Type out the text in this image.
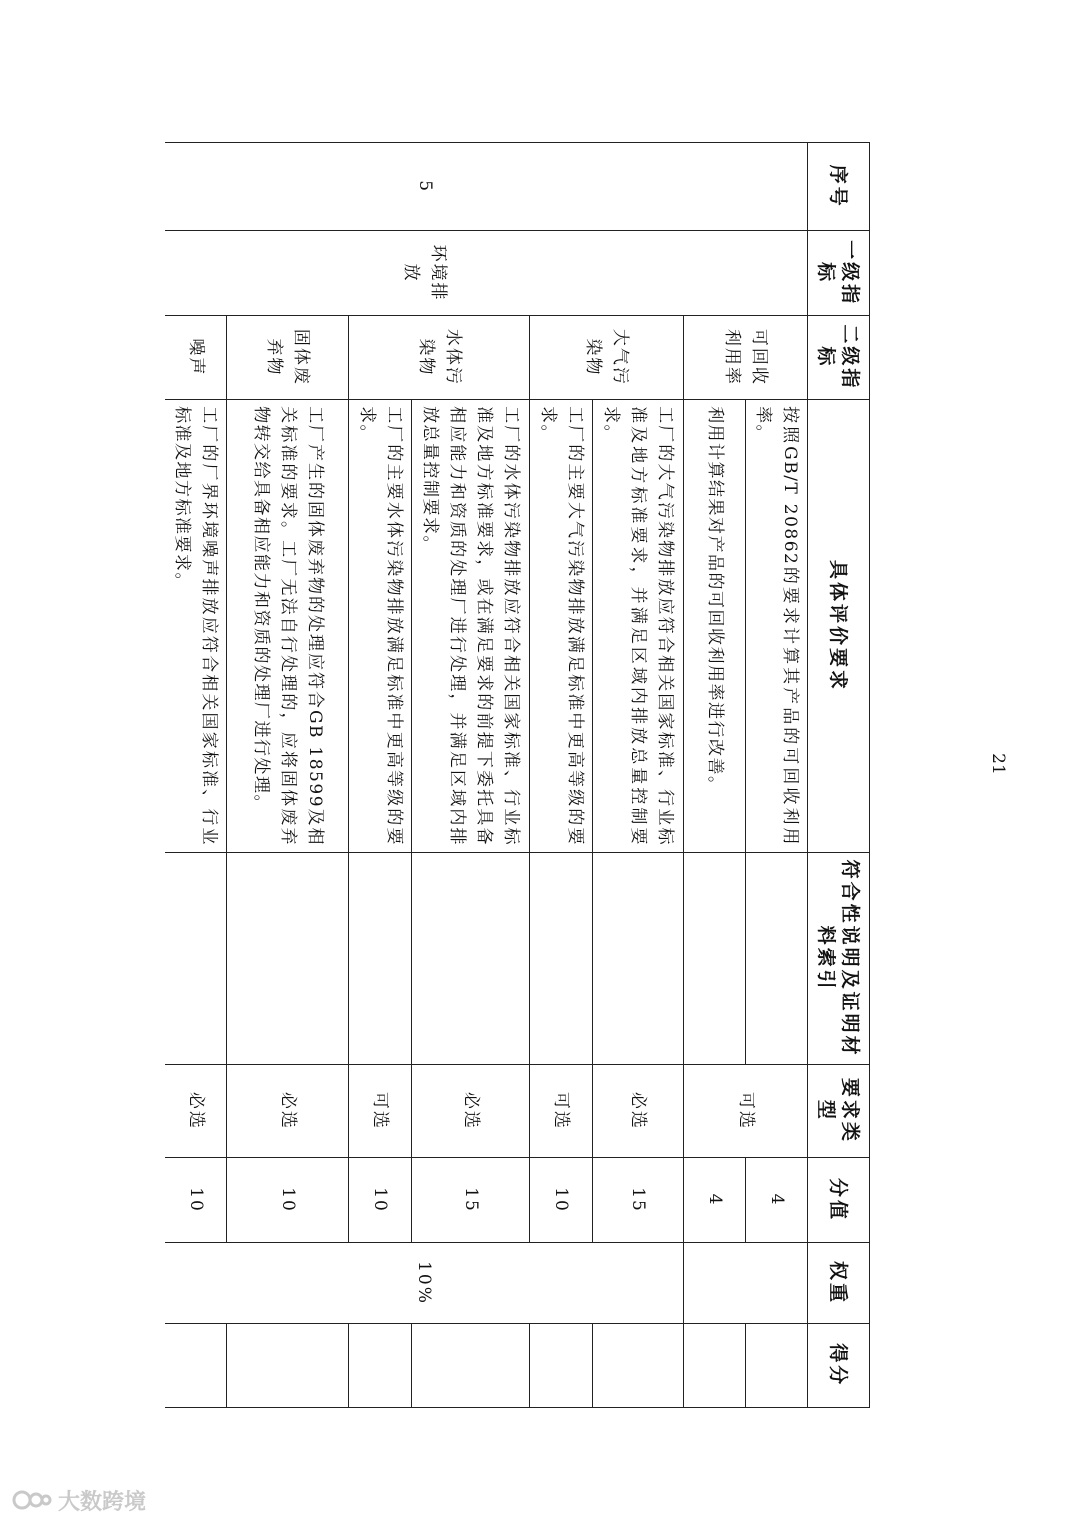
序号	一级指标	二级指标	具体评价要求	符合性说明及证明材料索引	要求类型	分值	权重	得分
		可回收利用率	按照GB/T 20862的要求计算其产品的可回收利用率。		可选	4		
			利用计算结果对产品的可回收利用率进行改善。			4		
5	环境排放	大气污染物	工厂的大气污染物排放应符合相关国家标准、行业标准及地方标准要求，并满足区域内排放总量控制要求。		必选	15	10%	
			工厂的主要大气污染物排放满足标准中更高等级的要求。		可选	10		
		水体污染物	工厂的水体污染物排放应符合相关国家标准、行业标准及地方标准要求，或在满足要求的前提下委托具备相应能力和资质的处理厂进行处理，并满足区域内排放总量控制要求。		必选	15		
			工厂的主要水体污染物排放满足标准中更高等级的要求。		可选	10		
		固体废弃物	工厂产生的固体废弃物的处理应符合GB 18599及相关标准的要求。工厂无法自行处理的，应将固体废弃物转交给具备相应能力和资质的处理厂进行处理。		必选	10		
		噪声	工厂的厂界环境噪声排放应符合相关国家标准、行业标准及地方标准要求。		必选	10		
21
大数跨境
